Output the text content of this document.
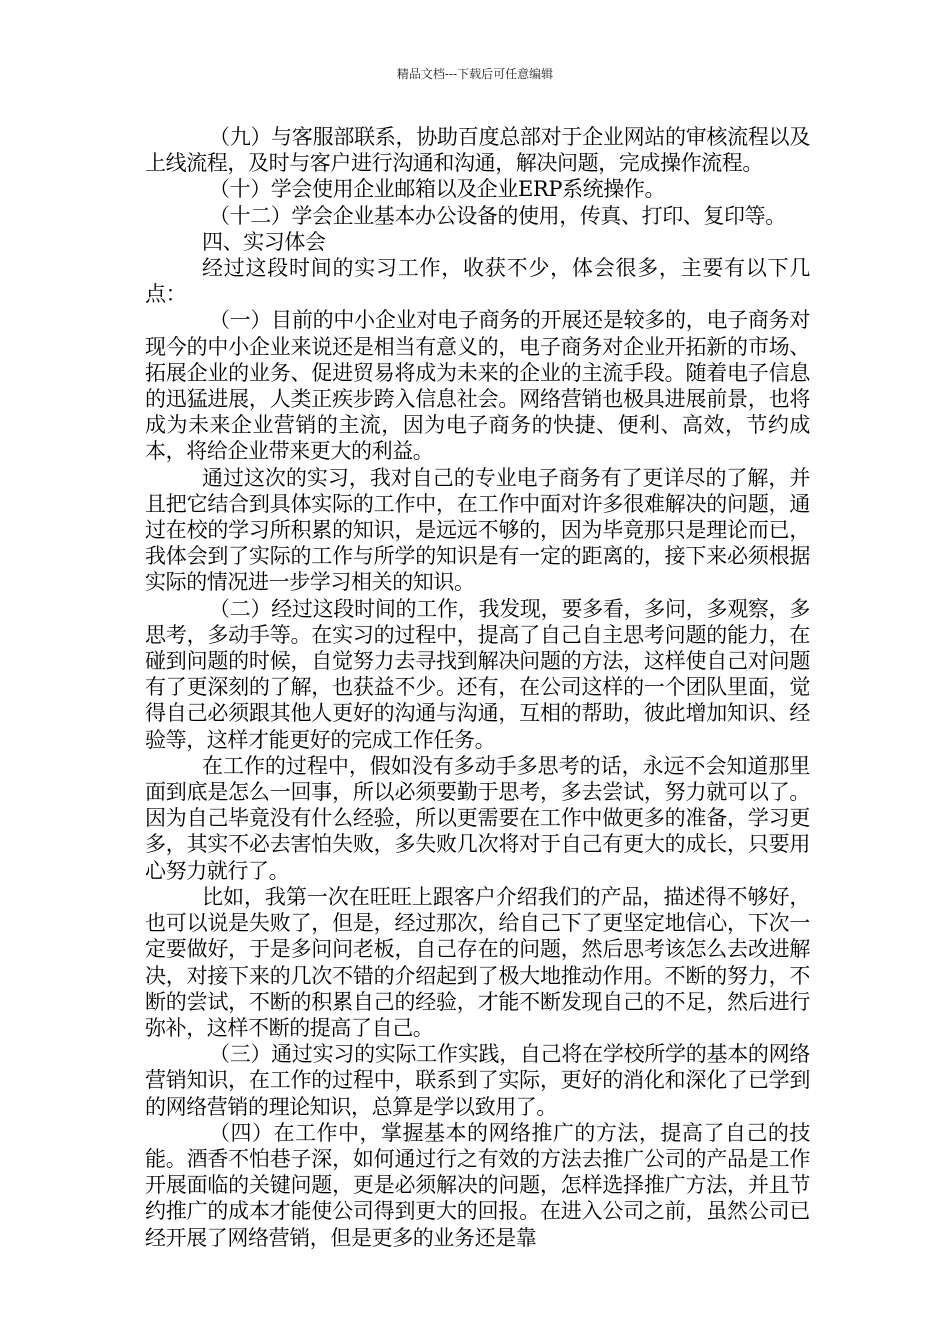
精品文档---下载后可任意编辑

（九）与客服部联系，协助百度总部对于企业网站的审核流程以及上线流程，及时与客户进行沟通和沟通，解决问题，完成操作流程。

（十）学会使用企业邮箱以及企业ERP系统操作。

（十二）学会企业基本办公设备的使用，传真、打印、复印等。

四、实习体会

经过这段时间的实习工作，收获不少，体会很多，主要有以下几点：

（一）目前的中小企业对电子商务的开展还是较多的，电子商务对现今的中小企业来说还是相当有意义的，电子商务对企业开拓新的市场、拓展企业的业务、促进贸易将成为未来的企业的主流手段。随着电子信息的迅猛进展，人类正疾步跨入信息社会。网络营销也极具进展前景，也将成为未来企业营销的主流，因为电子商务的快捷、便利、高效，节约成本，将给企业带来更大的利益。

通过这次的实习，我对自己的专业电子商务有了更详尽的了解，并且把它结合到具体实际的工作中，在工作中面对许多很难解决的问题，通过在校的学习所积累的知识，是远远不够的，因为毕竟那只是理论而已，我体会到了实际的工作与所学的知识是有一定的距离的，接下来必须根据实际的情况进一步学习相关的知识。

（二）经过这段时间的工作，我发现，要多看，多问，多观察，多思考，多动手等。在实习的过程中，提高了自己自主思考问题的能力，在碰到问题的时候，自觉努力去寻找到解决问题的方法，这样使自己对问题有了更深刻的了解，也获益不少。还有，在公司这样的一个团队里面，觉得自己必须跟其他人更好的沟通与沟通，互相的帮助，彼此增加知识、经验等，这样才能更好的完成工作任务。

在工作的过程中，假如没有多动手多思考的话，永远不会知道那里面到底是怎么一回事，所以必须要勤于思考，多去尝试，努力就可以了。因为自己毕竟没有什么经验，所以更需要在工作中做更多的准备，学习更多，其实不必去害怕失败，多失败几次将对于自己有更大的成长，只要用心努力就行了。

比如，我第一次在旺旺上跟客户介绍我们的产品，描述得不够好，也可以说是失败了，但是，经过那次，给自己下了更坚定地信心，下次一定要做好，于是多问问老板，自己存在的问题，然后思考该怎么去改进解决，对接下来的几次不错的介绍起到了极大地推动作用。不断的努力，不断的尝试，不断的积累自己的经验，才能不断发现自己的不足，然后进行弥补，这样不断的提高了自己。

（三）通过实习的实际工作实践，自己将在学校所学的基本的网络营销知识，在工作的过程中，联系到了实际，更好的消化和深化了已学到的网络营销的理论知识，总算是学以致用了。

（四）在工作中，掌握基本的网络推广的方法，提高了自己的技能。酒香不怕巷子深，如何通过行之有效的方法去推广公司的产品是工作开展面临的关键问题，更是必须解决的问题，怎样选择推广方法，并且节约推广的成本才能使公司得到更大的回报。在进入公司之前，虽然公司已经开展了网络营销，但是更多的业务还是靠
